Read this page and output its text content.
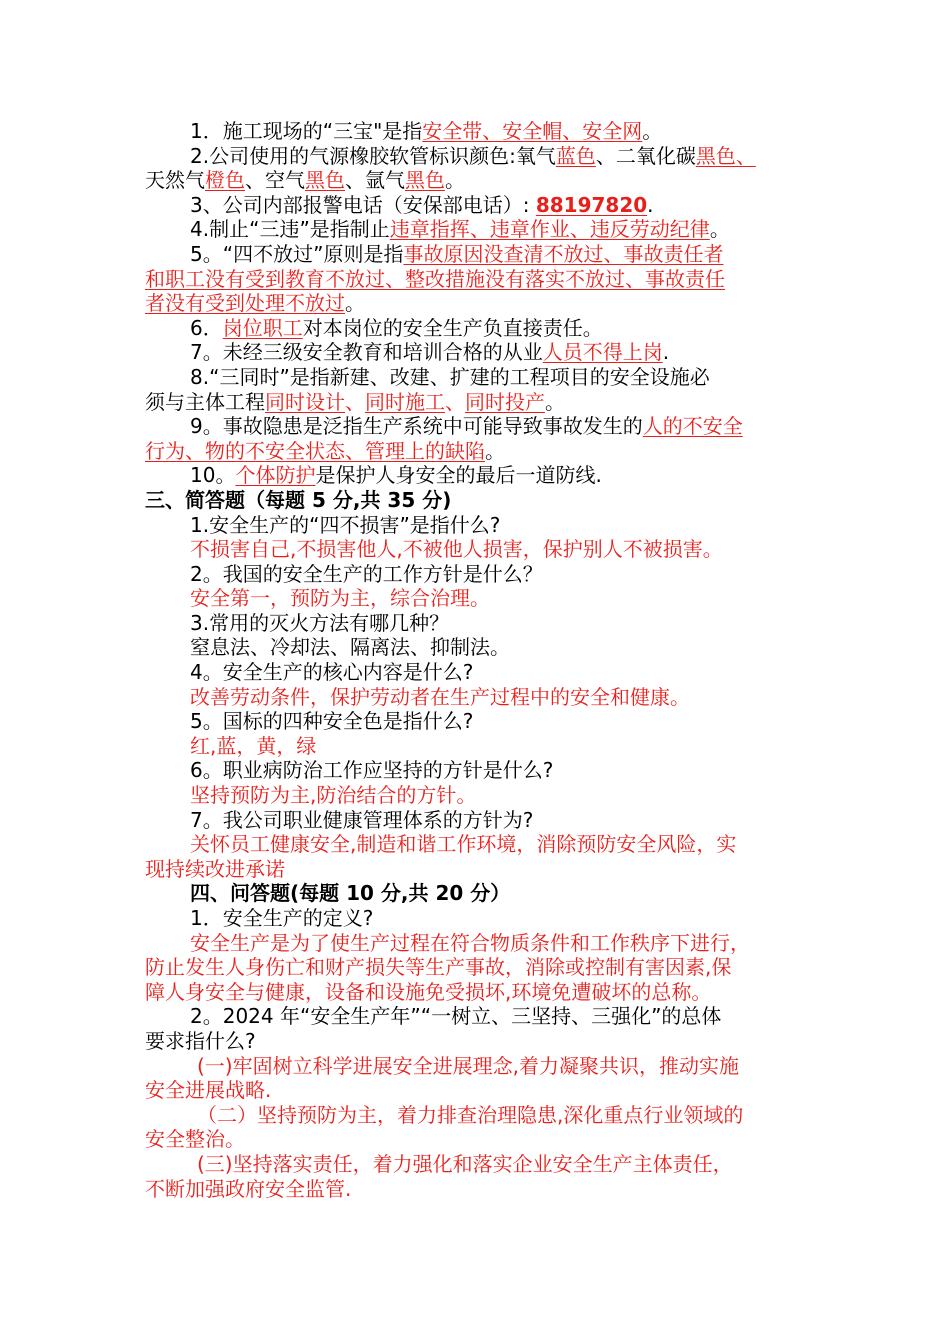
1．施工现场的“三宝"是指安全带、安全帽、安全网。

2.公司使用的气源橡胶软管标识颜色:氧气蓝色、二氧化碳黑色、

天然气橙色、空气黑色、氩气黑色。

3、公司内部报警电话（安保部电话）: 88197820.

4.制止“三违”是指制止违章指挥、违章作业、违反劳动纪律。

5。“四不放过”原则是指事故原因没查清不放过、事故责任者

和职工没有受到教育不放过、整改措施没有落实不放过、事故责任

者没有受到处理不放过。

6．岗位职工对本岗位的安全生产负直接责任。

7。未经三级安全教育和培训合格的从业人员不得上岗.

8.“三同时”是指新建、改建、扩建的工程项目的安全设施必

须与主体工程同时设计、同时施工、同时投产。

9。事故隐患是泛指生产系统中可能导致事故发生的人的不安全

行为、物的不安全状态、管理上的缺陷。

10。个体防护是保护人身安全的最后一道防线.

三、简答题（每题 5 分,共 35 分)

1.安全生产的“四不损害”是指什么?

不损害自己,不损害他人,不被他人损害，保护别人不被损害。

2。我国的安全生产的工作方针是什么？

安全第一，预防为主，综合治理。

3.常用的灭火方法有哪几种？

窒息法、冷却法、隔离法、抑制法。

4。安全生产的核心内容是什么?

改善劳动条件，保护劳动者在生产过程中的安全和健康。

5。国标的四种安全色是指什么?

红,蓝，黄，绿

6。职业病防治工作应坚持的方针是什么?

坚持预防为主,防治结合的方针。

7。我公司职业健康管理体系的方针为?

关怀员工健康安全,制造和谐工作环境，消除预防安全风险，实

现持续改进承诺

四、问答题(每题 10 分,共 20 分）

1．安全生产的定义?

安全生产是为了使生产过程在符合物质条件和工作秩序下进行，

防止发生人身伤亡和财产损失等生产事故，消除或控制有害因素,保

障人身安全与健康，设备和设施免受损坏,环境免遭破坏的总称。

2。2024 年“安全生产年”“一树立、三坚持、三强化”的总体

要求指什么?

(一)牢固树立科学进展安全进展理念,着力凝聚共识，推动实施

安全进展战略.

（二）坚持预防为主，着力排查治理隐患,深化重点行业领域的

安全整治。

(三)坚持落实责任，着力强化和落实企业安全生产主体责任，

不断加强政府安全监管.
